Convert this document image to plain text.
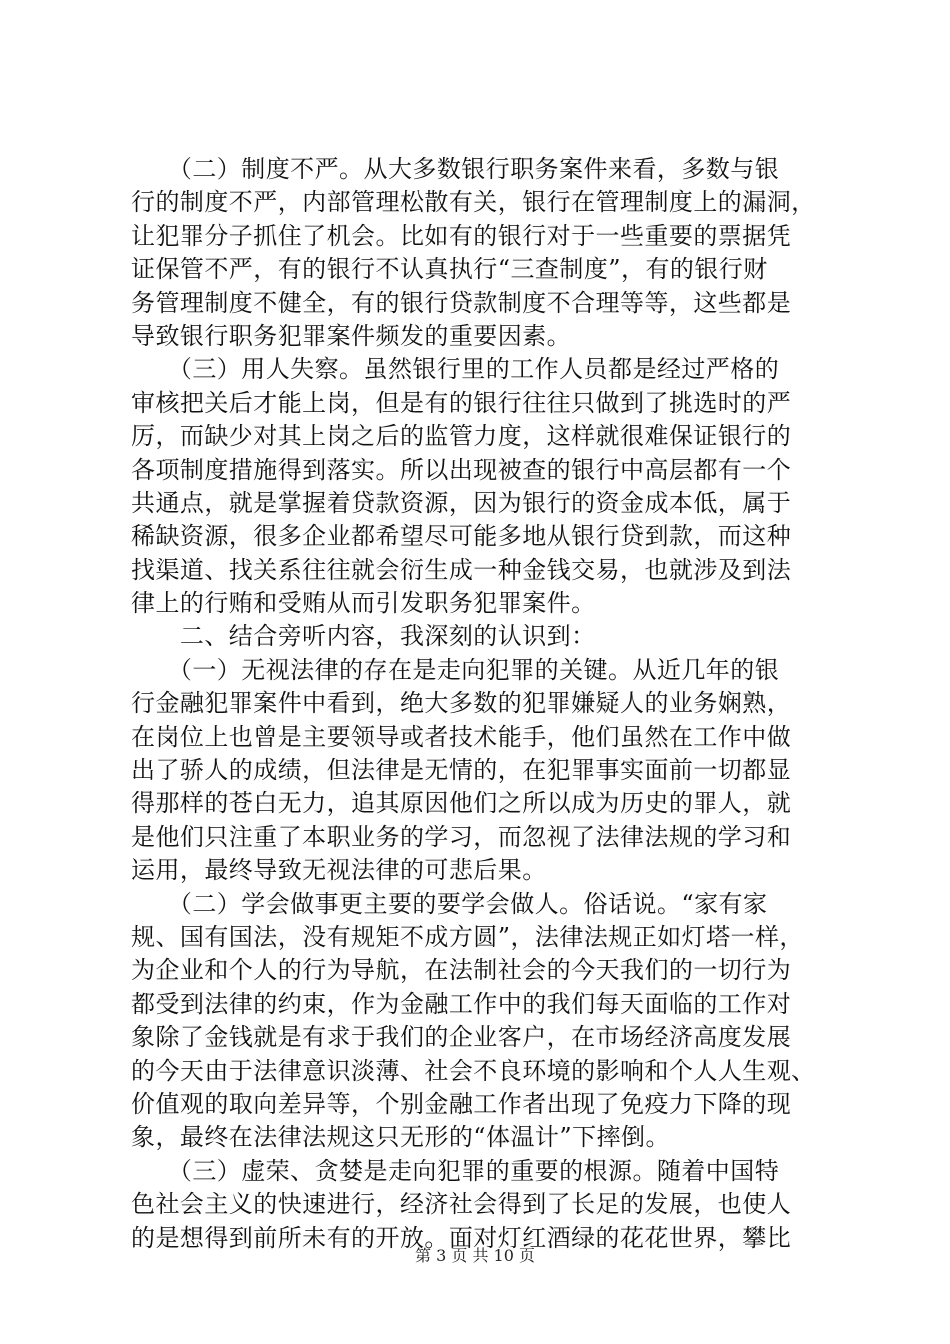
　　（二）制度不严。从大多数银行职务案件来看，多数与银
行的制度不严，内部管理松散有关，银行在管理制度上的漏洞，
让犯罪分子抓住了机会。比如有的银行对于一些重要的票据凭
证保管不严，有的银行不认真执行“三查制度”，有的银行财
务管理制度不健全，有的银行贷款制度不合理等等，这些都是
导致银行职务犯罪案件频发的重要因素。
　　（三）用人失察。虽然银行里的工作人员都是经过严格的
审核把关后才能上岗，但是有的银行往往只做到了挑选时的严
厉，而缺少对其上岗之后的监管力度，这样就很难保证银行的
各项制度措施得到落实。所以出现被查的银行中高层都有一个
共通点，就是掌握着贷款资源，因为银行的资金成本低，属于
稀缺资源，很多企业都希望尽可能多地从银行贷到款，而这种
找渠道、找关系往往就会衍生成一种金钱交易，也就涉及到法
律上的行贿和受贿从而引发职务犯罪案件。
　　二、结合旁听内容，我深刻的认识到：
　　（一）无视法律的存在是走向犯罪的关键。从近几年的银
行金融犯罪案件中看到，绝大多数的犯罪嫌疑人的业务娴熟，
在岗位上也曾是主要领导或者技术能手，他们虽然在工作中做
出了骄人的成绩，但法律是无情的，在犯罪事实面前一切都显
得那样的苍白无力，追其原因他们之所以成为历史的罪人，就
是他们只注重了本职业务的学习，而忽视了法律法规的学习和
运用，最终导致无视法律的可悲后果。
　　（二）学会做事更主要的要学会做人。俗话说。“家有家
规、国有国法，没有规矩不成方圆”，法律法规正如灯塔一样，
为企业和个人的行为导航，在法制社会的今天我们的一切行为
都受到法律的约束，作为金融工作中的我们每天面临的工作对
象除了金钱就是有求于我们的企业客户，在市场经济高度发展
的今天由于法律意识淡薄、社会不良环境的影响和个人人生观、
价值观的取向差异等，个别金融工作者出现了免疫力下降的现
象，最终在法律法规这只无形的“体温计”下摔倒。
　　（三）虚荣、贪婪是走向犯罪的重要的根源。随着中国特
色社会主义的快速进行，经济社会得到了长足的发展，也使人
的是想得到前所未有的开放。面对灯红酒绿的花花世界，攀比
第 3 页 共 10 页
